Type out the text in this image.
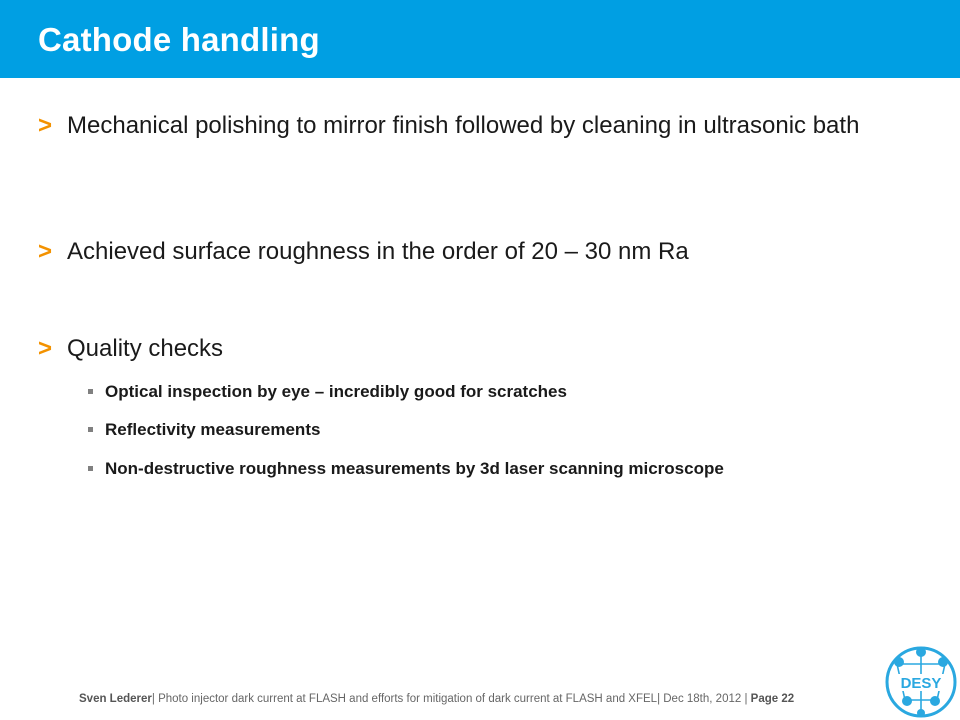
Cathode handling
> Mechanical polishing to mirror finish followed by cleaning in ultrasonic bath
> Achieved surface roughness in the order of 20 – 30 nm Ra
> Quality checks
Optical inspection by eye – incredibly good for scratches
Reflectivity measurements
Non-destructive roughness measurements by 3d laser scanning microscope
Sven Lederer| Photo injector dark current at FLASH and efforts for mitigation of dark current at FLASH and XFEL| Dec 18th, 2012 | Page 22
DESY
